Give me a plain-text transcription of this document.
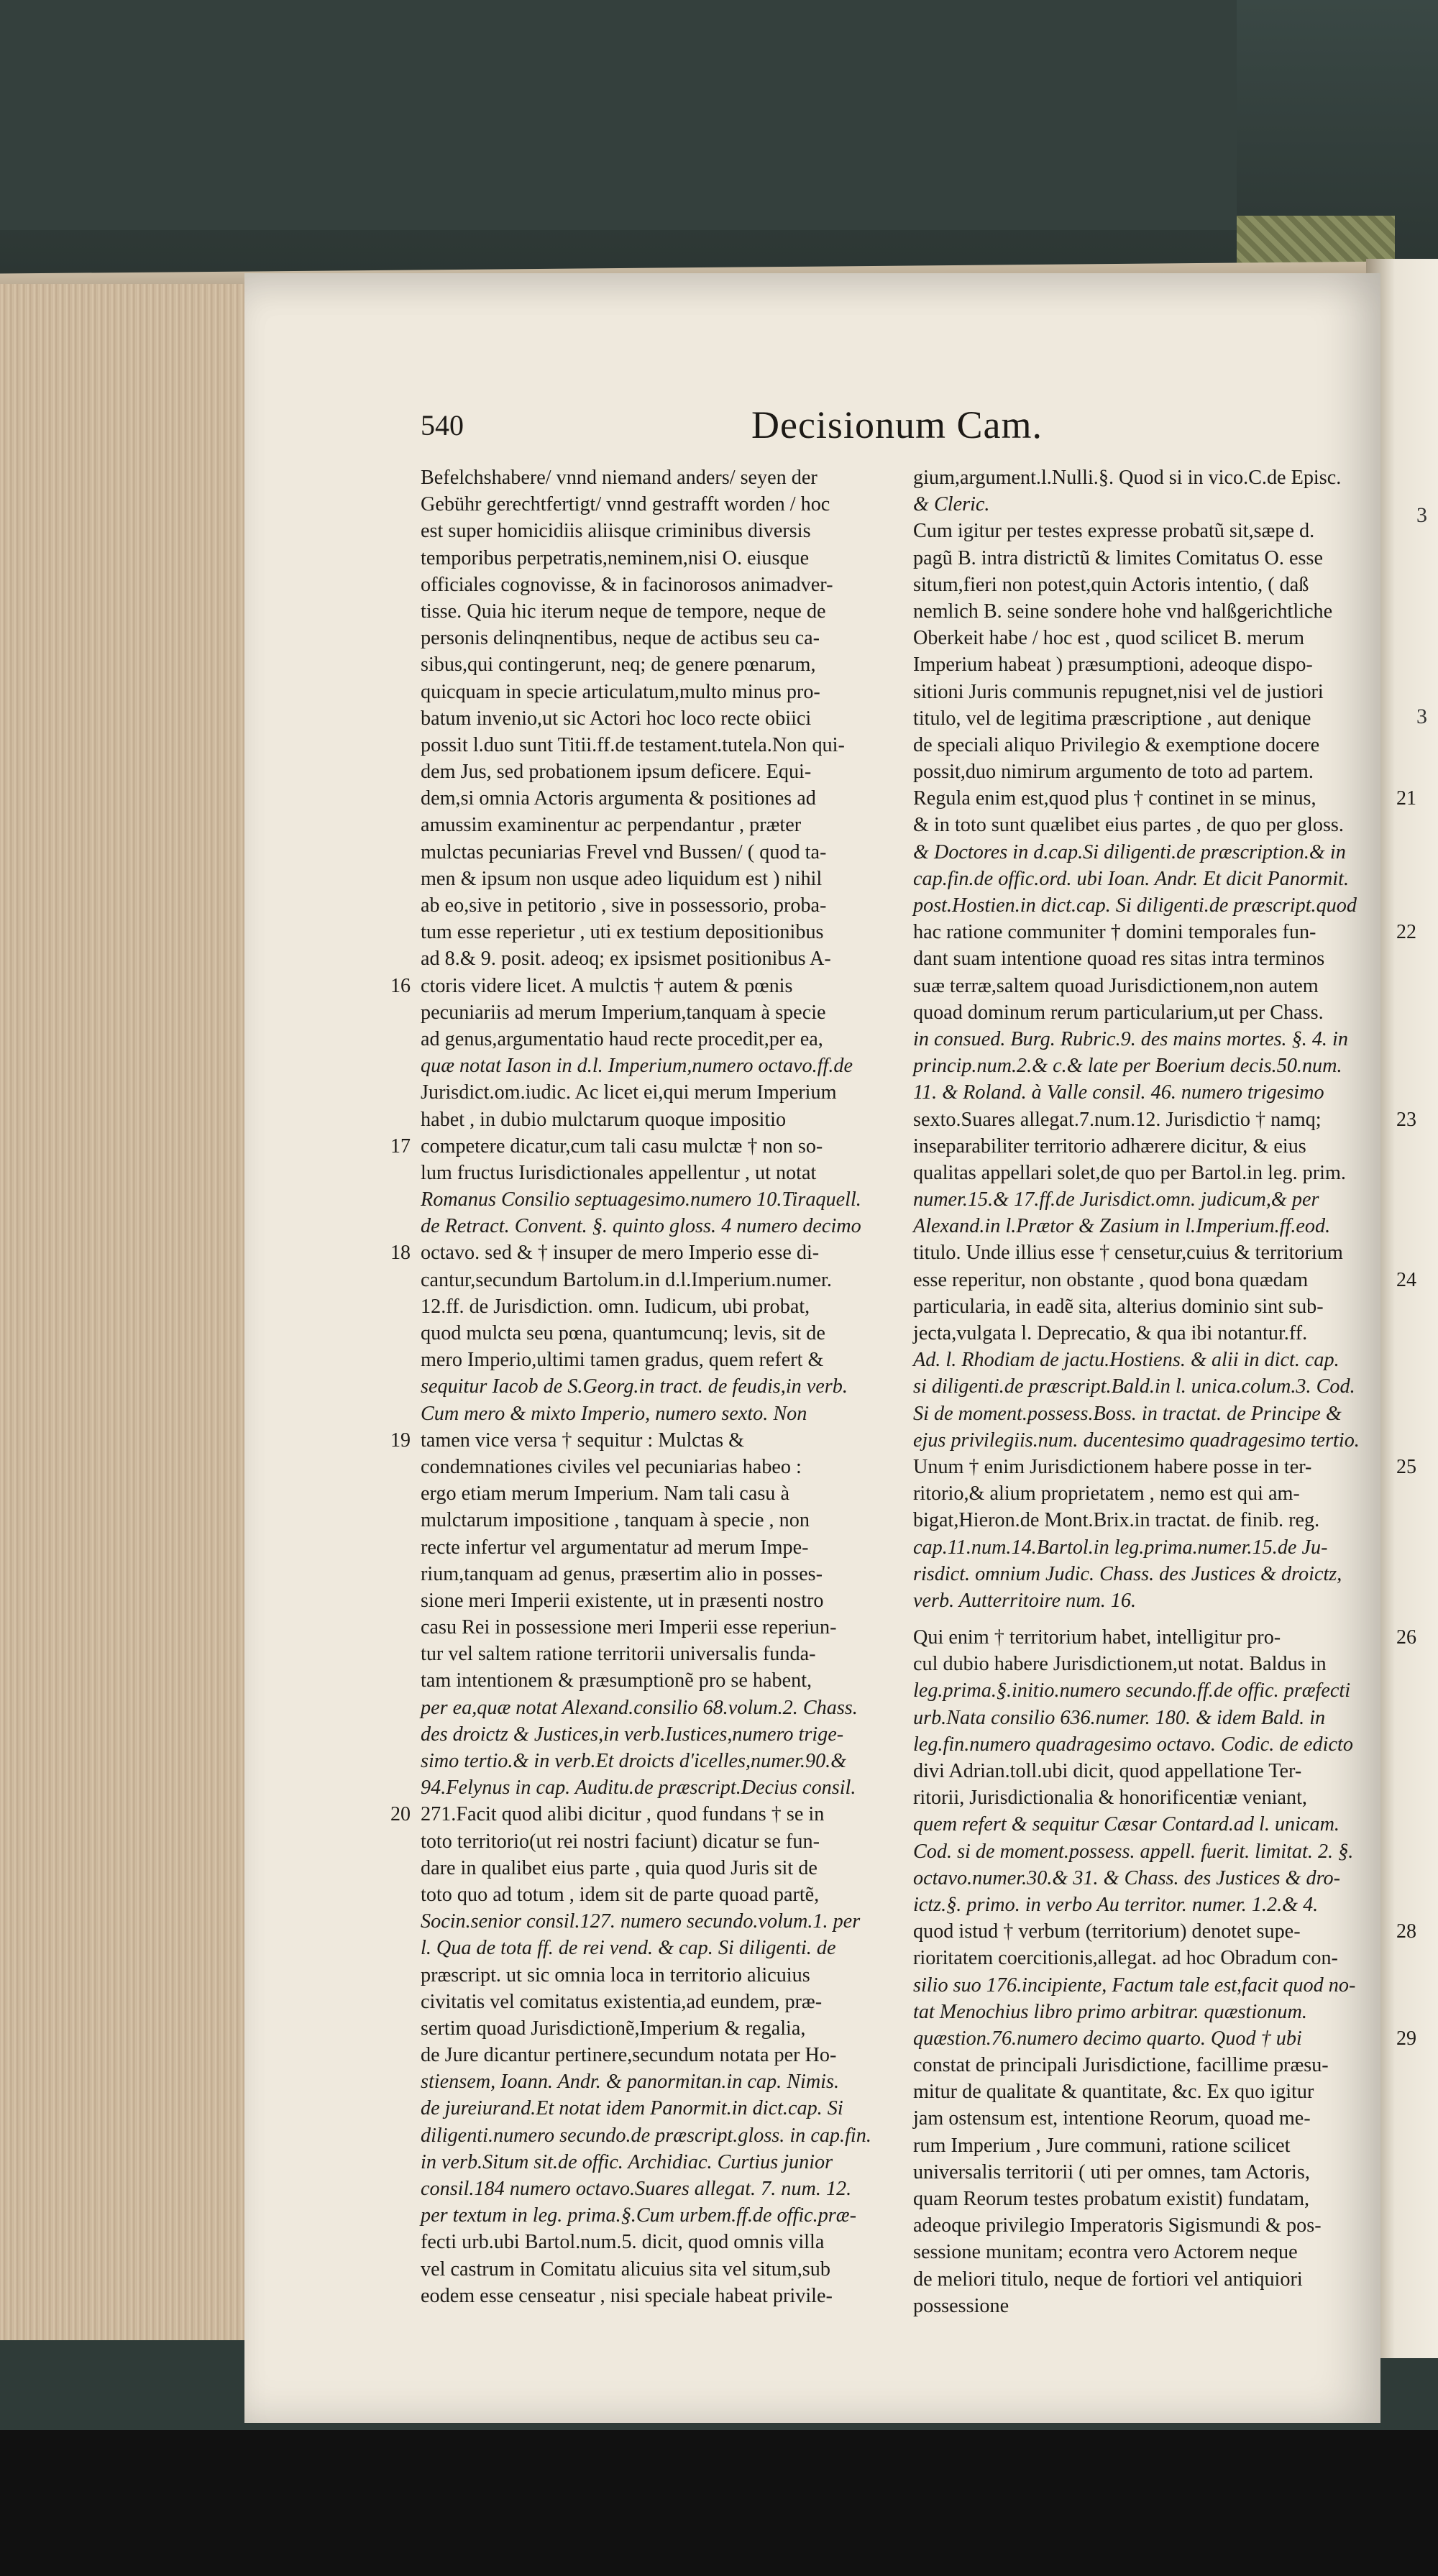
3
3
540	Decisionum Cam.
Befelchshabere/ vnnd niemand anders/ seyen der
Gebühr gerechtfertigt/ vnnd gestrafft worden / hoc
est super homicidiis aliisque criminibus diversis
temporibus perpetratis,neminem,nisi O. eiusque
officiales cognovisse, & in facinorosos animadver-
tisse. Quia hic iterum neque de tempore, neque de
personis delinqnentibus, neque de actibus seu ca-
sibus,qui contingerunt, neq; de genere pœnarum,
quicquam in specie articulatum,multo minus pro-
batum invenio,ut sic Actori hoc loco recte obiici
possit l.duo sunt Titii.ff.de testament.tutela.Non qui-
dem Jus, sed probationem ipsum deficere. Equi-
dem,si omnia Actoris argumenta & positiones ad
amussim examinentur ac perpendantur , præter
mulctas pecuniarias Frevel vnd Bussen/ ( quod ta-
men & ipsum non usque adeo liquidum est ) nihil
ab eo,sive in petitorio , sive in possessorio, proba-
tum esse reperietur , uti ex testium depositionibus
ad 8.& 9. posit. adeoq; ex ipsismet positionibus A-
ctoris videre licet. A mulctis † autem & pœnis
16
pecuniariis ad merum Imperium,tanquam à specie
ad genus,argumentatio haud recte procedit,per ea,
quæ notat Iason in d.l. Imperium,numero octavo.ff.de
Jurisdict.om.iudic. Ac licet ei,qui merum Imperium
habet , in dubio mulctarum quoque impositio
competere dicatur,cum tali casu mulctæ † non so-
17
lum fructus Iurisdictionales appellentur , ut notat
Romanus Consilio septuagesimo.numero 10.Tiraquell.
de Retract. Convent. §. quinto gloss. 4 numero decimo
octavo. sed & † insuper de mero Imperio esse di-
18
cantur,secundum Bartolum.in d.l.Imperium.numer.
12.ff. de Jurisdiction. omn. Iudicum, ubi probat,
quod mulcta seu pœna, quantumcunq; levis, sit de
mero Imperio,ultimi tamen gradus, quem refert &
sequitur Iacob de S.Georg.in tract. de feudis,in verb.
Cum mero & mixto Imperio, numero sexto. Non
tamen vice versa † sequitur : Mulctas &
19
condemnationes civiles vel pecuniarias habeo :
ergo etiam merum Imperium. Nam tali casu à
mulctarum impositione , tanquam à specie , non
recte infertur vel argumentatur ad merum Impe-
rium,tanquam ad genus, præsertim alio in posses-
sione meri Imperii existente, ut in præsenti nostro
casu Rei in possessione meri Imperii esse reperiun-
tur vel saltem ratione territorii universalis funda-
tam intentionem & præsumptionẽ pro se habent,
per ea,quæ notat Alexand.consilio 68.volum.2. Chass.
des droictz & Justices,in verb.Iustices,numero trige-
simo tertio.& in verb.Et droicts d'icelles,numer.90.&
94.Felynus in cap. Auditu.de præscript.Decius consil.
271.Facit quod alibi dicitur , quod fundans † se in
20
toto territorio(ut rei nostri faciunt) dicatur se fun-
dare in qualibet eius parte , quia quod Juris sit de
toto quo ad totum , idem sit de parte quoad partẽ,
Socin.senior consil.127. numero secundo.volum.1. per
l. Qua de tota ff. de rei vend. & cap. Si diligenti. de
præscript. ut sic omnia loca in territorio alicuius
civitatis vel comitatus existentia,ad eundem, præ-
sertim quoad Jurisdictionẽ,Imperium & regalia,
de Jure dicantur pertinere,secundum notata per Ho-
stiensem, Ioann. Andr. & panormitan.in cap. Nimis.
de jureiurand.Et notat idem Panormit.in dict.cap. Si
diligenti.numero secundo.de præscript.gloss. in cap.fin.
in verb.Situm sit.de offic. Archidiac. Curtius junior
consil.184 numero octavo.Suares allegat. 7. num. 12.
per textum in leg. prima.§.Cum urbem.ff.de offic.præ-
fecti urb.ubi Bartol.num.5. dicit, quod omnis villa
vel castrum in Comitatu alicuius sita vel situm,sub
eodem esse censeatur , nisi speciale habeat privile-
gium,argument.l.Nulli.§. Quod si in vico.C.de Episc.
& Cleric.
Cum igitur per testes expresse probatũ sit,sæpe d.
pagũ B. intra districtũ & limites Comitatus O. esse
situm,fieri non potest,quin Actoris intentio, ( daß
nemlich B. seine sondere hohe vnd halßgerichtliche
Oberkeit habe / hoc est , quod scilicet B. merum
Imperium habeat ) præsumptioni, adeoque dispo-
sitioni Juris communis repugnet,nisi vel de justiori
titulo, vel de legitima præscriptione , aut denique
de speciali aliquo Privilegio & exemptione docere
possit,duo nimirum argumento de toto ad partem.
Regula enim est,quod plus † continet in se minus,	21
& in toto sunt quælibet eius partes , de quo per gloss.
& Doctores in d.cap.Si diligenti.de præscription.& in
cap.fin.de offic.ord. ubi Ioan. Andr. Et dicit Panormit.
post.Hostien.in dict.cap. Si diligenti.de præscript.quod
hac ratione communiter † domini temporales fun-	22
dant suam intentione quoad res sitas intra terminos
suæ terræ,saltem quoad Jurisdictionem,non autem
quoad dominum rerum particularium,ut per Chass.
in consued. Burg. Rubric.9. des mains mortes. §. 4. in
princip.num.2.& c.& late per Boerium decis.50.num.
11. & Roland. à Valle consil. 46. numero trigesimo
sexto.Suares allegat.7.num.12. Jurisdictio † namq;	23
inseparabiliter territorio adhærere dicitur, & eius
qualitas appellari solet,de quo per Bartol.in leg. prim.
numer.15.& 17.ff.de Jurisdict.omn. judicum,& per
Alexand.in l.Prætor & Zasium in l.Imperium.ff.eod.
titulo. Unde illius esse † censetur,cuius & territorium
esse reperitur, non obstante , quod bona quædam	24
particularia, in eadẽ sita, alterius dominio sint sub-
jecta,vulgata l. Deprecatio, & qua ibi notantur.ff.
Ad. l. Rhodiam de jactu.Hostiens. & alii in dict. cap.
si diligenti.de præscript.Bald.in l. unica.colum.3. Cod.
Si de moment.possess.Boss. in tractat. de Principe &
ejus privilegiis.num. ducentesimo quadragesimo tertio.
Unum † enim Jurisdictionem habere posse in ter-	25
ritorio,& alium proprietatem , nemo est qui am-
bigat,Hieron.de Mont.Brix.in tractat. de finib. reg.
cap.11.num.14.Bartol.in leg.prima.numer.15.de Ju-
risdict. omnium Judic. Chass. des Justices & droictz,
verb. Autterritoire num. 16.
Qui enim † territorium habet, intelligitur pro-	26
cul dubio habere Jurisdictionem,ut notat. Baldus in
leg.prima.§.initio.numero secundo.ff.de offic. præfecti
urb.Nata consilio 636.numer. 180. & idem Bald. in
leg.fin.numero quadragesimo octavo. Codic. de edicto
divi Adrian.toll.ubi dicit, quod appellatione Ter-
ritorii, Jurisdictionalia & honorificentiæ veniant,
quem refert & sequitur Cæsar Contard.ad l. unicam.
Cod. si de moment.possess. appell. fuerit. limitat. 2. §.
octavo.numer.30.& 31. & Chass. des Justices & dro-
ictz.§. primo. in verbo Au territor. numer. 1.2.& 4.
quod istud † verbum (territorium) denotet supe-	28
rioritatem coercitionis,allegat. ad hoc Obradum con-
silio suo 176.incipiente, Factum tale est,facit quod no-
tat Menochius libro primo arbitrar. quæstionum.
quæstion.76.numero decimo quarto. Quod † ubi	29
constat de principali Jurisdictione, facillime præsu-
mitur de qualitate & quantitate, &c. Ex quo igitur
jam ostensum est, intentione Reorum, quoad me-
rum Imperium , Jure communi, ratione scilicet
universalis territorii ( uti per omnes, tam Actoris,
quam Reorum testes probatum existit) fundatam,
adeoque privilegio Imperatoris Sigismundi & pos-
sessione munitam; econtra vero Actorem neque
de meliori titulo, neque de fortiori vel antiquiori
possessione
